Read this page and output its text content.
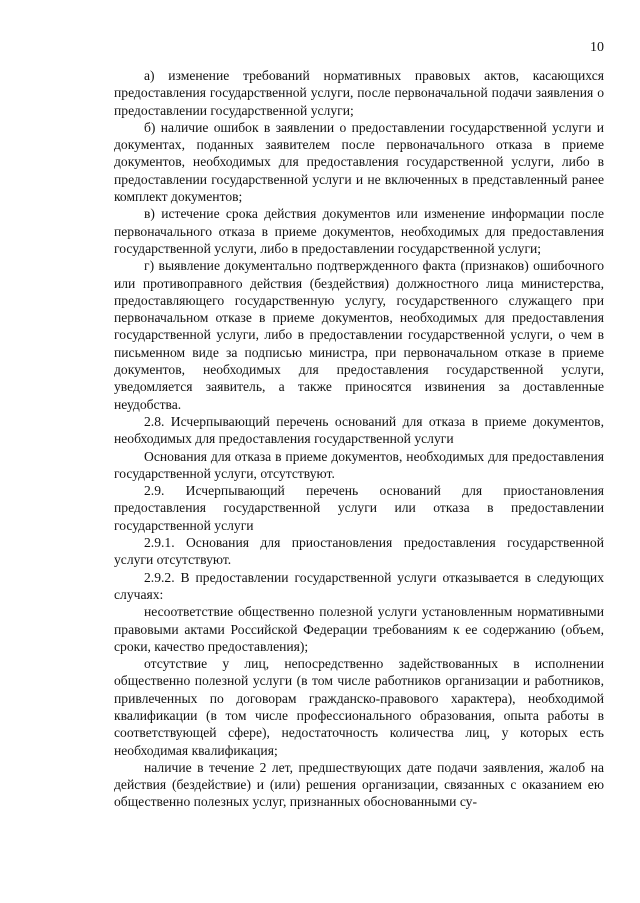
10

а) изменение требований нормативных правовых актов, касающихся предоставления государственной услуги, после первоначальной подачи заявления о предоставлении государственной услуги;

б) наличие ошибок в заявлении о предоставлении государственной услуги и документах, поданных заявителем после первоначального отказа в приеме документов, необходимых для предоставления государственной услуги, либо в предоставлении государственной услуги и не включенных в представленный ранее комплект документов;

в) истечение срока действия документов или изменение информации после первоначального отказа в приеме документов, необходимых для предоставления государственной услуги, либо в предоставлении государственной услуги;

г) выявление документально подтвержденного факта (признаков) ошибочного или противоправного действия (бездействия) должностного лица министерства, предоставляющего государственную услугу, государственного служащего при первоначальном отказе в приеме документов, необходимых для предоставления государственной услуги, либо в предоставлении государственной услуги, о чем в письменном виде за подписью министра, при первоначальном отказе в приеме документов, необходимых для предоставления государственной услуги, уведомляется заявитель, а также приносятся извинения за доставленные неудобства.

2.8. Исчерпывающий перечень оснований для отказа в приеме документов, необходимых для предоставления государственной услуги

Основания для отказа в приеме документов, необходимых для предоставления государственной услуги, отсутствуют.

2.9. Исчерпывающий перечень оснований для приостановления предоставления государственной услуги или отказа в предоставлении государственной услуги

2.9.1. Основания для приостановления предоставления государственной услуги отсутствуют.

2.9.2. В предоставлении государственной услуги отказывается в следующих случаях:

несоответствие общественно полезной услуги установленным нормативными правовыми актами Российской Федерации требованиям к ее содержанию (объем, сроки, качество предоставления);

отсутствие у лиц, непосредственно задействованных в исполнении общественно полезной услуги (в том числе работников организации и работников, привлеченных по договорам гражданско-правового характера), необходимой квалификации (в том числе профессионального образования, опыта работы в соответствующей сфере), недостаточность количества лиц, у которых есть необходимая квалификация;

наличие в течение 2 лет, предшествующих дате подачи заявления, жалоб на действия (бездействие) и (или) решения организации, связанных с оказанием ею общественно полезных услуг, признанных обоснованными су-
